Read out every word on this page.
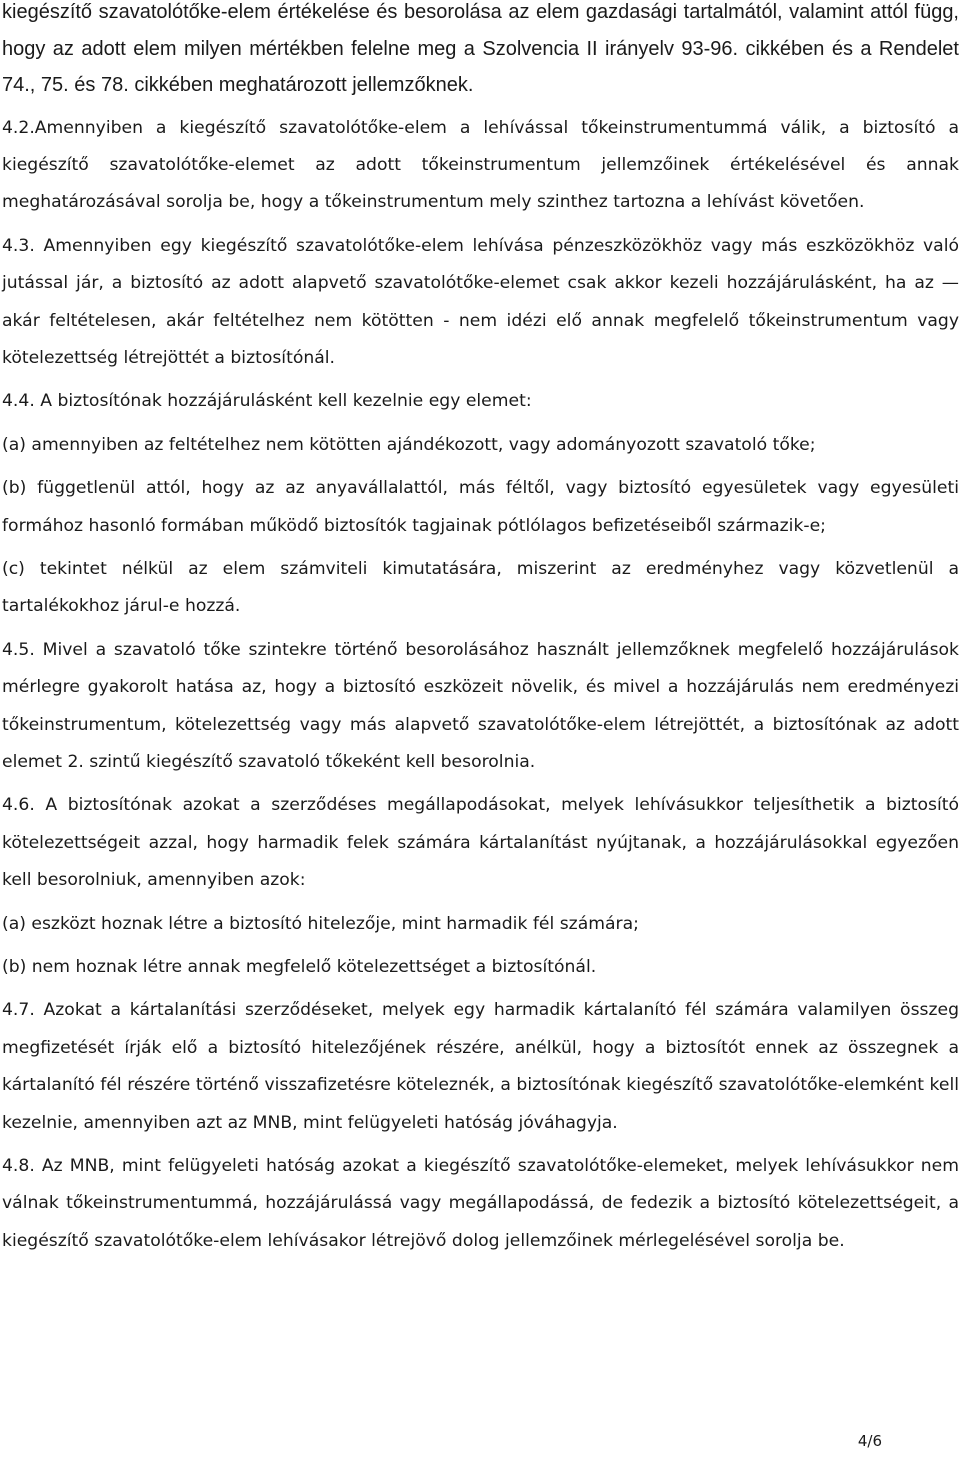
kiegészítő szavatolótőke-elem értékelése és besorolása az elem gazdasági tartalmától, valamint attól függ, hogy az adott elem milyen mértékben felelne meg a Szolvencia II irányelv 93-96. cikkében és a Rendelet 74., 75. és 78. cikkében meghatározott jellemzőknek.

4.2.Amennyiben a kiegészítő szavatolótőke-elem a lehívással tőkeinstrumentummá válik, a biztosító a kiegészítő szavatolótőke-elemet az adott tőkeinstrumentum jellemzőinek értékelésével és annak meghatározásával sorolja be, hogy a tőkeinstrumentum mely szinthez tartozna a lehívást követően.

4.3. Amennyiben egy kiegészítő szavatolótőke-elem lehívása pénzeszközökhöz vagy más eszközökhöz való jutással jár, a biztosító az adott alapvető szavatolótőke-elemet csak akkor kezeli hozzájárulásként, ha az — akár feltételesen, akár feltételhez nem kötötten - nem idézi elő annak megfelelő tőkeinstrumentum vagy kötelezettség létrejöttét a biztosítónál.

4.4. A biztosítónak hozzájárulásként kell kezelnie egy elemet:

(a) amennyiben az feltételhez nem kötötten ajándékozott, vagy adományozott szavatoló tőke;

(b) függetlenül attól, hogy az az anyavállalattól, más féltől, vagy biztosító egyesületek vagy egyesületi formához hasonló formában működő biztosítók tagjainak pótlólagos befizetéseiből származik-e;

(c) tekintet nélkül az elem számviteli kimutatására, miszerint az eredményhez vagy közvetlenül a tartalékokhoz járul-e hozzá.

4.5. Mivel a szavatoló tőke szintekre történő besorolásához használt jellemzőknek megfelelő hozzájárulások mérlegre gyakorolt hatása az, hogy a biztosító eszközeit növelik, és mivel a hozzájárulás nem eredményezi tőkeinstrumentum, kötelezettség vagy más alapvető szavatolótőke-elem létrejöttét, a biztosítónak az adott elemet 2. szintű kiegészítő szavatoló tőkeként kell besorolnia.

4.6. A biztosítónak azokat a szerződéses megállapodásokat, melyek lehívásukkor teljesíthetik a biztosító kötelezettségeit azzal, hogy harmadik felek számára kártalanítást nyújtanak, a hozzájárulásokkal egyezően kell besorolniuk, amennyiben azok:

(a) eszközt hoznak létre a biztosító hitelezője, mint harmadik fél számára;

(b) nem hoznak létre annak megfelelő kötelezettséget a biztosítónál.

4.7. Azokat a kártalanítási szerződéseket, melyek egy harmadik kártalanító fél számára valamilyen összeg megfizetését írják elő a biztosító hitelezőjének részére, anélkül, hogy a biztosítót ennek az összegnek a kártalanító fél részére történő visszafizetésre köteleznék, a biztosítónak kiegészítő szavatolótőke-elemként kell kezelnie, amennyiben azt az MNB, mint felügyeleti hatóság jóváhagyja.

4.8. Az MNB, mint felügyeleti hatóság azokat a kiegészítő szavatolótőke-elemeket, melyek lehívásukkor nem válnak tőkeinstrumentummá, hozzájárulássá vagy megállapodássá, de fedezik a biztosító kötelezettségeit, a kiegészítő szavatolótőke-elem lehívásakor létrejövő dolog jellemzőinek mérlegelésével sorolja be.

4/6
